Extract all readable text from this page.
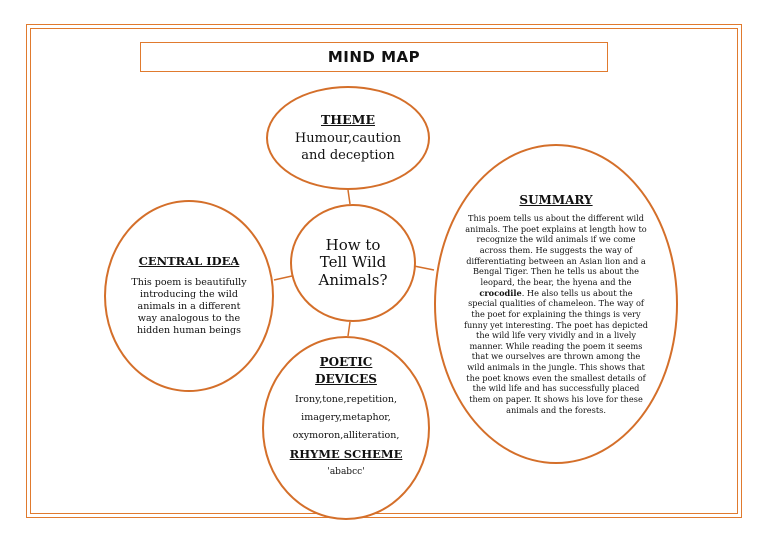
MIND MAP
THEME
Humour,caution
and deception
How to
Tell Wild
Animals?
CENTRAL IDEA
This poem is beautifully
introducing the wild
animals in a different
way analogous to the
hidden human beings
POETIC
DEVICES
Irony,tone,repetition,
imagery,metaphor,
oxymoron,alliteration,
RHYME SCHEME
'ababcc'
SUMMARY
This poem tells us about the different wild animals. The poet explains at length how to recognize the wild animals if we come across them. He suggests the way of differentiating between an Asian lion and a Bengal Tiger. Then he tells us about the leopard, the bear, the hyena and the crocodile. He also tells us about the special qualities of chameleon. The way of the poet for explaining the things is very funny yet interesting. The poet has depicted the wild life very vividly and in a lively manner. While reading the poem it seems that we ourselves are thrown among the wild animals in the jungle. This shows that the poet knows even the smallest details of the wild life and has successfully placed them on paper. It shows his love for these animals and the forests.
